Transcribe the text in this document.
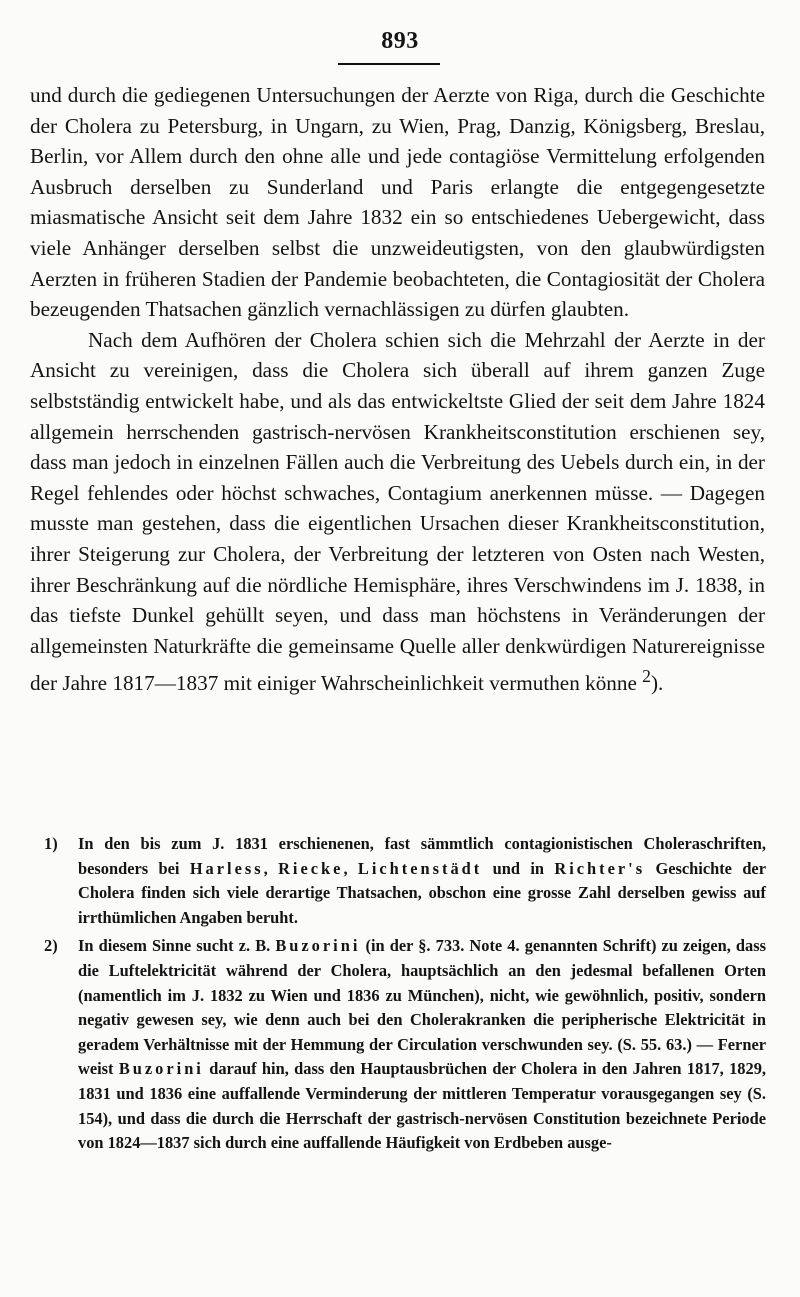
893

und durch die gediegenen Untersuchungen der Aerzte von Riga, durch die Geschichte der Cholera zu Petersburg, in Ungarn, zu Wien, Prag, Danzig, Königsberg, Breslau, Berlin, vor Allem durch den ohne alle und jede contagiöse Vermittelung erfolgenden Ausbruch derselben zu Sunderland und Paris erlangte die entgegengesetzte miasmatische Ansicht seit dem Jahre 1832 ein so entschiedenes Uebergewicht, dass viele Anhänger derselben selbst die unzweideutigsten, von den glaubwürdigsten Aerzten in früheren Stadien der Pandemie beobachteten, die Contagiosität der Cholera bezeugenden Thatsachen gänzlich vernachlässigen zu dürfen glaubten.

Nach dem Aufhören der Cholera schien sich die Mehrzahl der Aerzte in der Ansicht zu vereinigen, dass die Cholera sich überall auf ihrem ganzen Zuge selbstständig entwickelt habe, und als das entwickeltste Glied der seit dem Jahre 1824 allgemein herrschenden gastrisch-nervösen Krankheitsconstitution erschienen sey, dass man jedoch in einzelnen Fällen auch die Verbreitung des Uebels durch ein, in der Regel fehlendes oder höchst schwaches, Contagium anerkennen müsse. — Dagegen musste man gestehen, dass die eigentlichen Ursachen dieser Krankheitsconstitution, ihrer Steigerung zur Cholera, der Verbreitung der letzteren von Osten nach Westen, ihrer Beschränkung auf die nördliche Hemisphäre, ihres Verschwindens im J. 1838, in das tiefste Dunkel gehüllt seyen, und dass man höchstens in Veränderungen der allgemeinsten Naturkräfte die gemeinsame Quelle aller denkwürdigen Naturereignisse der Jahre 1817—1837 mit einiger Wahrscheinlichkeit vermuthen könne $^2$).

1) In den bis zum J. 1831 erschienenen, fast sämmtlich contagionistischen Choleraschriften, besonders bei Harless, Riecke, Lichtenstädt und in Richter's Geschichte der Cholera finden sich viele derartige Thatsachen, obschon eine grosse Zahl derselben gewiss auf irrthümlichen Angaben beruht.

2) In diesem Sinne sucht z. B. Buzorini (in der §. 733. Note 4. genannten Schrift) zu zeigen, dass die Luftelektricität während der Cholera, hauptsächlich an den jedesmal befallenen Orten (namentlich im J. 1832 zu Wien und 1836 zu München), nicht, wie gewöhnlich, positiv, sondern negativ gewesen sey, wie denn auch bei den Cholerakranken die peripherische Elektricität in geradem Verhältnisse mit der Hemmung der Circulation verschwunden sey. (S. 55. 63.) — Ferner weist Buzorini darauf hin, dass den Hauptausbrüchen der Cholera in den Jahren 1817, 1829, 1831 und 1836 eine auffallende Verminderung der mittleren Temperatur vorausgegangen sey (S. 154), und dass die durch die Herrschaft der gastrisch-nervösen Constitution bezeichnete Periode von 1824—1837 sich durch eine auffallende Häufigkeit von Erdbeben ausge-
